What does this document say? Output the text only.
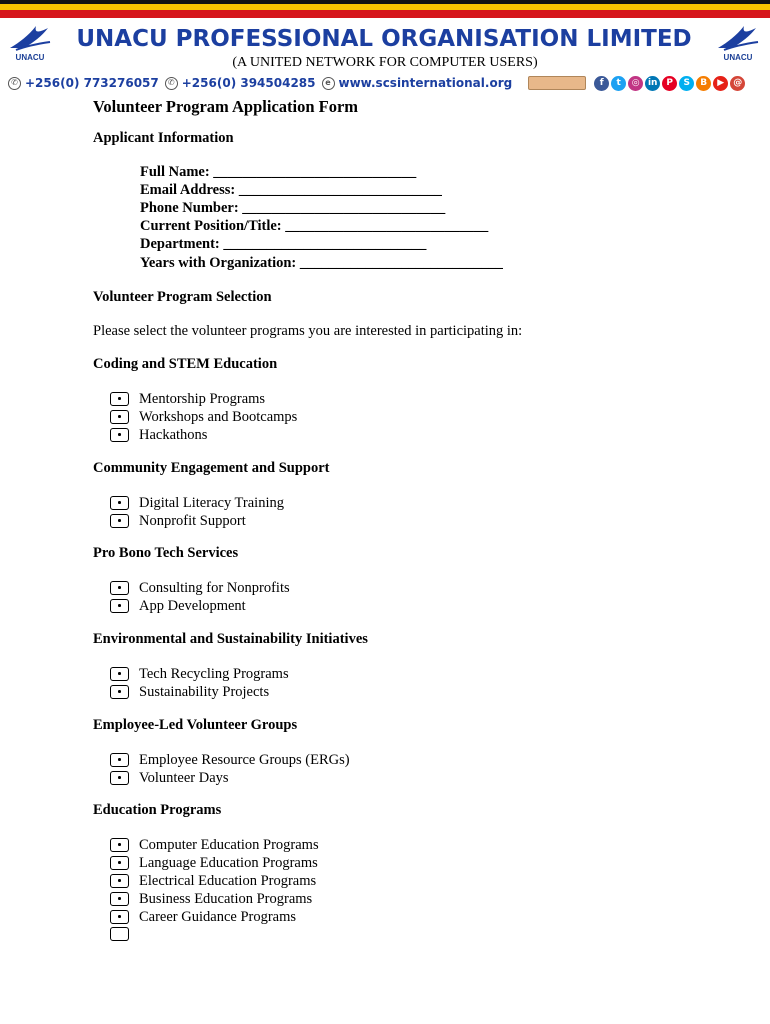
UNACU
UNACU PROFESSIONAL ORGANISATION LIMITED
UNACU
(A UNITED NETWORK FOR COMPUTER USERS)
✆ +256(0) 773276057	✆ +256(0) 394504285	e www.scsinternational.org	f	t	◎ in P	S	B	▶	@
Volunteer Program Application Form
Applicant Information
Full Name: ____________________________
Email Address: ____________________________
Phone Number: ____________________________
Current Position/Title: ____________________________
Department: ____________________________
Years with Organization: ____________________________
Volunteer Program Selection
Please select the volunteer programs you are interested in participating in:
Coding and STEM Education
Mentorship Programs
Workshops and Bootcamps
Hackathons
Community Engagement and Support
Digital Literacy Training
Nonprofit Support
Pro Bono Tech Services
Consulting for Nonprofits
App Development
Environmental and Sustainability Initiatives
Tech Recycling Programs
Sustainability Projects
Employee-Led Volunteer Groups
Employee Resource Groups (ERGs)
Volunteer Days
Education Programs
Computer Education Programs
Language Education Programs
Electrical Education Programs
Business Education Programs
Career Guidance Programs
